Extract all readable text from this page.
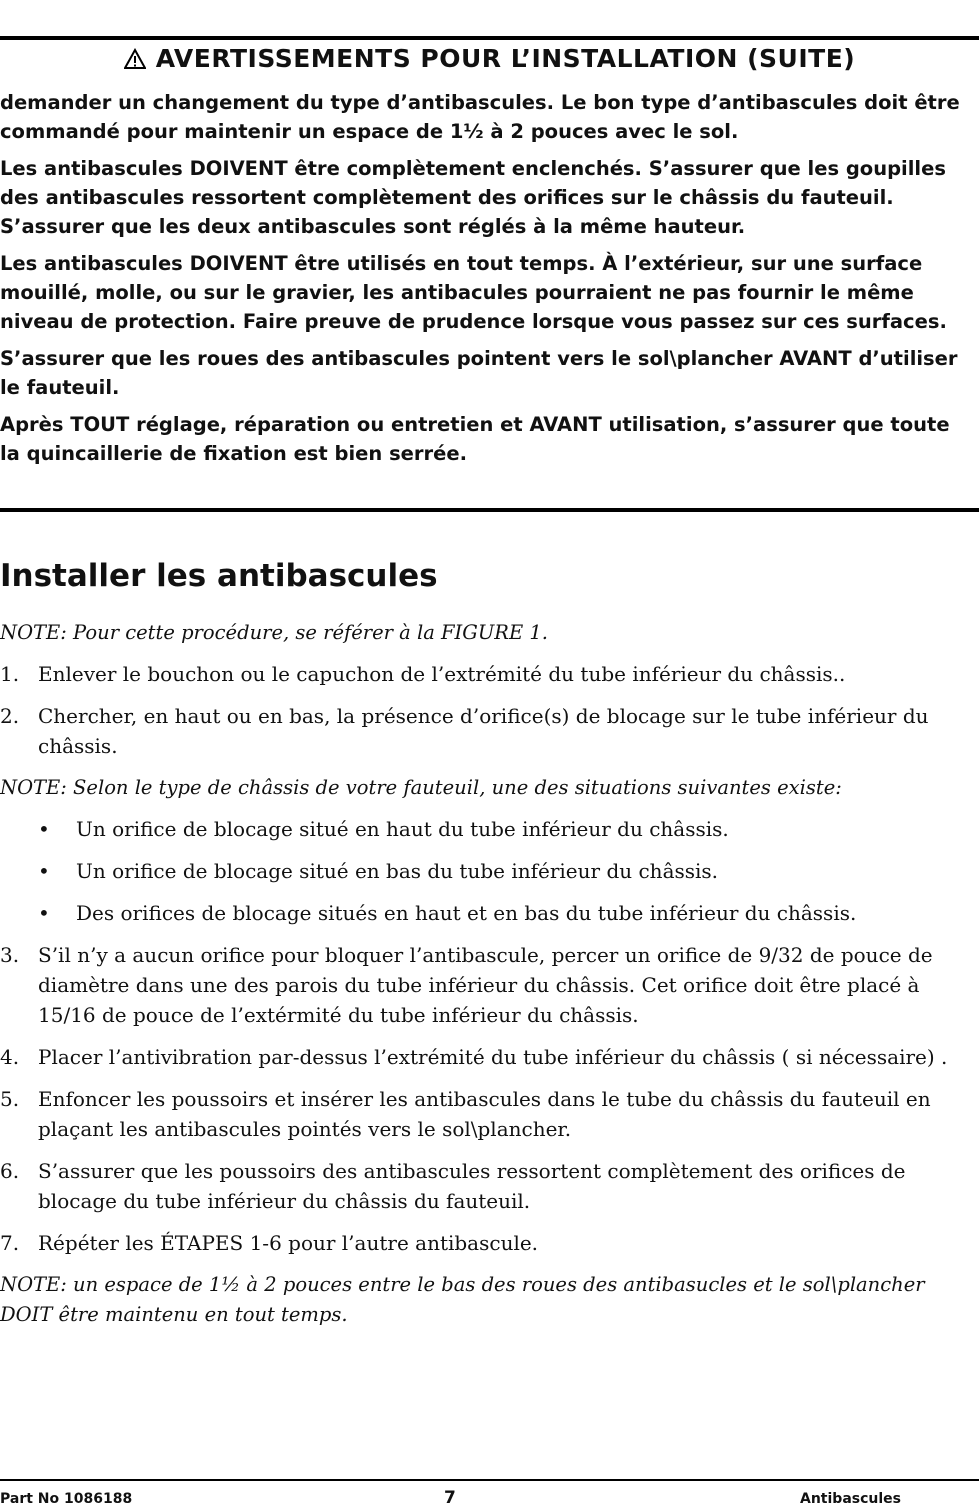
AVERTISSEMENTS POUR L’INSTALLATION (SUITE)

demander un changement du type d’antibascules. Le bon type d’antibascules doit être commandé pour maintenir un espace de 1½ à 2 pouces avec le sol.

Les antibascules DOIVENT être complètement enclenchés. S’assurer que les goupilles des antibascules ressortent complètement des orifices sur le châssis du fauteuil. S’assurer que les deux antibascules sont réglés à la même hauteur.

Les antibascules DOIVENT être utilisés en tout temps. À l’extérieur, sur une surface mouillé, molle, ou sur le gravier, les antibacules pourraient ne pas fournir le même niveau de protection. Faire preuve de prudence lorsque vous passez sur ces surfaces.

S’assurer que les roues des antibascules pointent vers le sol\plancher AVANT d’utiliser le fauteuil.

Après TOUT réglage, réparation ou entretien et AVANT utilisation, s’assurer que toute la quincaillerie de fixation est bien serrée.

Installer les antibascules

NOTE: Pour cette procédure, se référer à la FIGURE 1.

1. Enlever le bouchon ou le capuchon de l’extrémité du tube inférieur du châssis..
2. Chercher, en haut ou en bas, la présence d’orifice(s) de blocage sur le tube inférieur du châssis.

NOTE: Selon le type de châssis de votre fauteuil, une des situations suivantes existe:

• Un orifice de blocage situé en haut du tube inférieur du châssis.
• Un orifice de blocage situé en bas du tube inférieur du châssis.
• Des orifices de blocage situés en haut et en bas du tube inférieur du châssis.
3. S’il n’y a aucun orifice pour bloquer l’antibascule, percer un orifice de 9/32 de pouce de diamètre dans une des parois du tube inférieur du châssis. Cet orifice doit être placé à 15/16 de pouce de l’extérmité du tube inférieur du châssis.
4. Placer l’antivibration par-dessus l’extrémité du tube inférieur du châssis ( si nécessaire) .
5. Enfoncer les poussoirs et insérer les antibascules dans le tube du châssis du fauteuil en plaçant les antibascules pointés vers le sol\plancher.
6. S’assurer que les poussoirs des antibascules ressortent complètement des orifices de blocage du tube inférieur du châssis du fauteuil.
7. Répéter les ÉTAPES 1-6 pour l’autre antibascule.

NOTE: un espace de 1½ à 2 pouces entre le bas des roues des antibasucles et le sol\plancher DOIT être maintenu en tout temps.

Part No 1086188	7	Antibascules
